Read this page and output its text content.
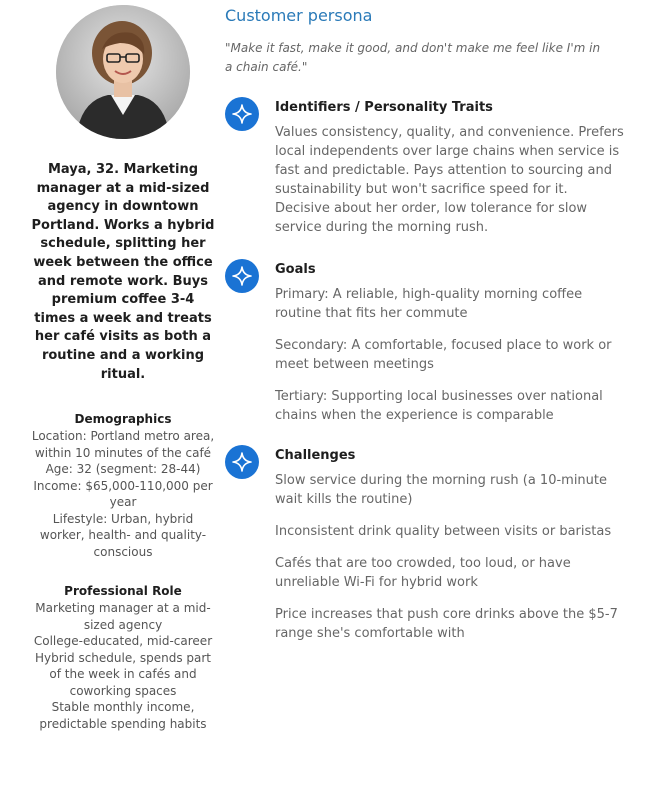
Maya, 32. Marketing manager at a mid-sized agency in downtown Portland. Works a hybrid schedule, splitting her week between the office and remote work. Buys premium coffee 3-4 times a week and treats her café visits as both a routine and a working ritual.
Demographics
Location: Portland metro area, within 10 minutes of the café
Age: 32 (segment: 28-44)
Income: $65,000-110,000 per year
Lifestyle: Urban, hybrid worker, health- and quality-conscious
Professional Role
Marketing manager at a mid-sized agency
College-educated, mid-career
Hybrid schedule, spends part of the week in cafés and coworking spaces
Stable monthly income, predictable spending habits
Customer persona
"Make it fast, make it good, and don't make me feel like I'm in a chain café."
Identifiers / Personality Traits
Values consistency, quality, and convenience. Prefers local independents over large chains when service is fast and predictable. Pays attention to sourcing and sustainability but won't sacrifice speed for it. Decisive about her order, low tolerance for slow service during the morning rush.
Goals
Primary: A reliable, high-quality morning coffee routine that fits her commute
Secondary: A comfortable, focused place to work or meet between meetings
Tertiary: Supporting local businesses over national chains when the experience is comparable
Challenges
Slow service during the morning rush (a 10-minute wait kills the routine)
Inconsistent drink quality between visits or baristas
Cafés that are too crowded, too loud, or have unreliable Wi-Fi for hybrid work
Price increases that push core drinks above the $5-7 range she's comfortable with
